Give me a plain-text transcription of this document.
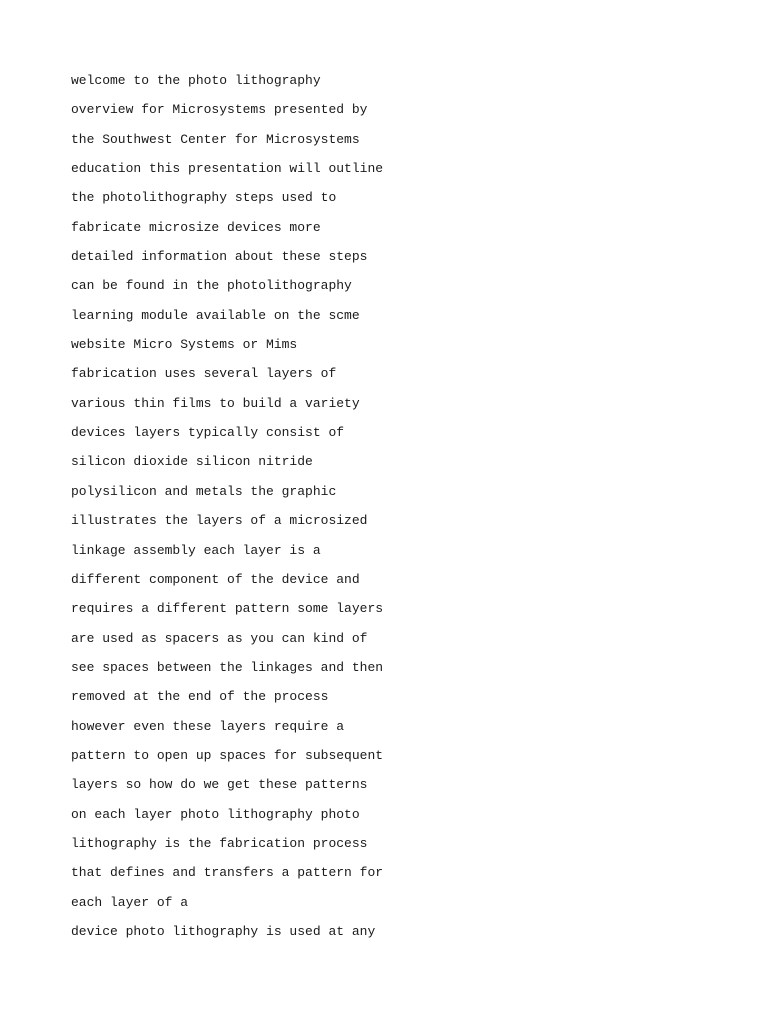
welcome to the photo lithography
overview for Microsystems presented by
the Southwest Center for Microsystems
education this presentation will outline
the photolithography steps used to
fabricate microsize devices more
detailed information about these steps
can be found in the photolithography
learning module available on the scme
website Micro Systems or Mims
fabrication uses several layers of
various thin films to build a variety
devices layers typically consist of
silicon dioxide silicon nitride
polysilicon and metals the graphic
illustrates the layers of a microsized
linkage assembly each layer is a
different component of the device and
requires a different pattern some layers
are used as spacers as you can kind of
see spaces between the linkages and then
removed at the end of the process
however even these layers require a
pattern to open up spaces for subsequent
layers so how do we get these patterns
on each layer photo lithography photo
lithography is the fabrication process
that defines and transfers a pattern for
each layer of a
device photo lithography is used at any
